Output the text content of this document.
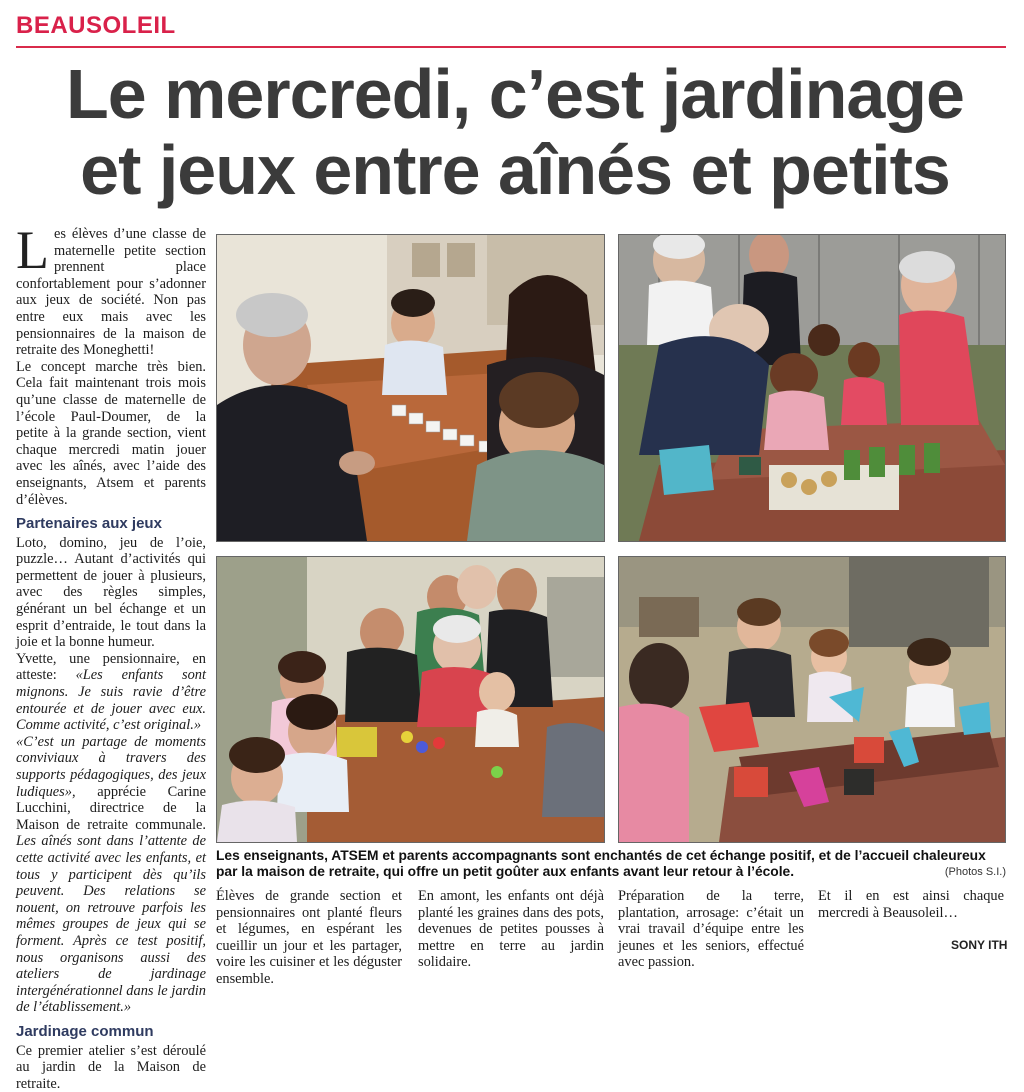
BEAUSOLEIL
Le mercredi, c’est jardinage
et jeux entre aînés et petits

Les élèves d’une classe de maternelle petite section prennent place confortablement pour s’adonner aux jeux de société. Non pas entre eux mais avec les pensionnaires de la maison de retraite des Moneghetti!

Le concept marche très bien. Cela fait maintenant trois mois qu’une classe de maternelle de l’école Paul-Doumer, de la petite à la grande section, vient chaque mercredi matin jouer avec les aînés, avec l’aide des enseignants, Atsem et parents d’élèves.

Partenaires aux jeux

Loto, domino, jeu de l’oie, puzzle… Autant d’activités qui permettent de jouer à plusieurs, avec des règles simples, générant un bel échange et un esprit d’entraide, le tout dans la joie et la bonne humeur.

Yvette, une pensionnaire, en atteste: «Les enfants sont mignons. Je suis ravie d’être entourée et de jouer avec eux. Comme activité, c’est original.»

«C’est un partage de moments conviviaux à travers des supports pédagogiques, des jeux ludiques», apprécie Carine Lucchini, directrice de la Maison de retraite communale. Les aînés sont dans l’attente de cette activité avec les enfants, et tous y participent dès qu’ils peuvent. Des relations se nouent, on retrouve parfois les mêmes groupes de jeux qui se forment. Après ce test positif, nous organisons aussi des ateliers de jardinage intergénérationnel dans le jardin de l’établissement.»

Jardinage commun

Ce premier atelier s’est déroulé au jardin de la Maison de retraite.

Les enseignants, ATSEM et parents accompagnants sont enchantés de cet échange positif, et de l’accueil chaleureux par la maison de retraite, qui offre un petit goûter aux enfants avant leur retour à l’école.	(Photos S.I.)

Élèves de grande section et pensionnaires ont planté fleurs et légumes, en espérant les cueillir un jour et les partager, voire les cuisiner et les déguster ensemble.

En amont, les enfants ont déjà planté les graines dans des pots, devenues de petites pousses à mettre en terre au jardin solidaire.

Préparation de la terre, plantation, arrosage: c’était un vrai travail d’équipe entre les jeunes et les seniors, effectué avec passion.

Et il en est ainsi chaque mercredi à Beausoleil…

SONY ITH
